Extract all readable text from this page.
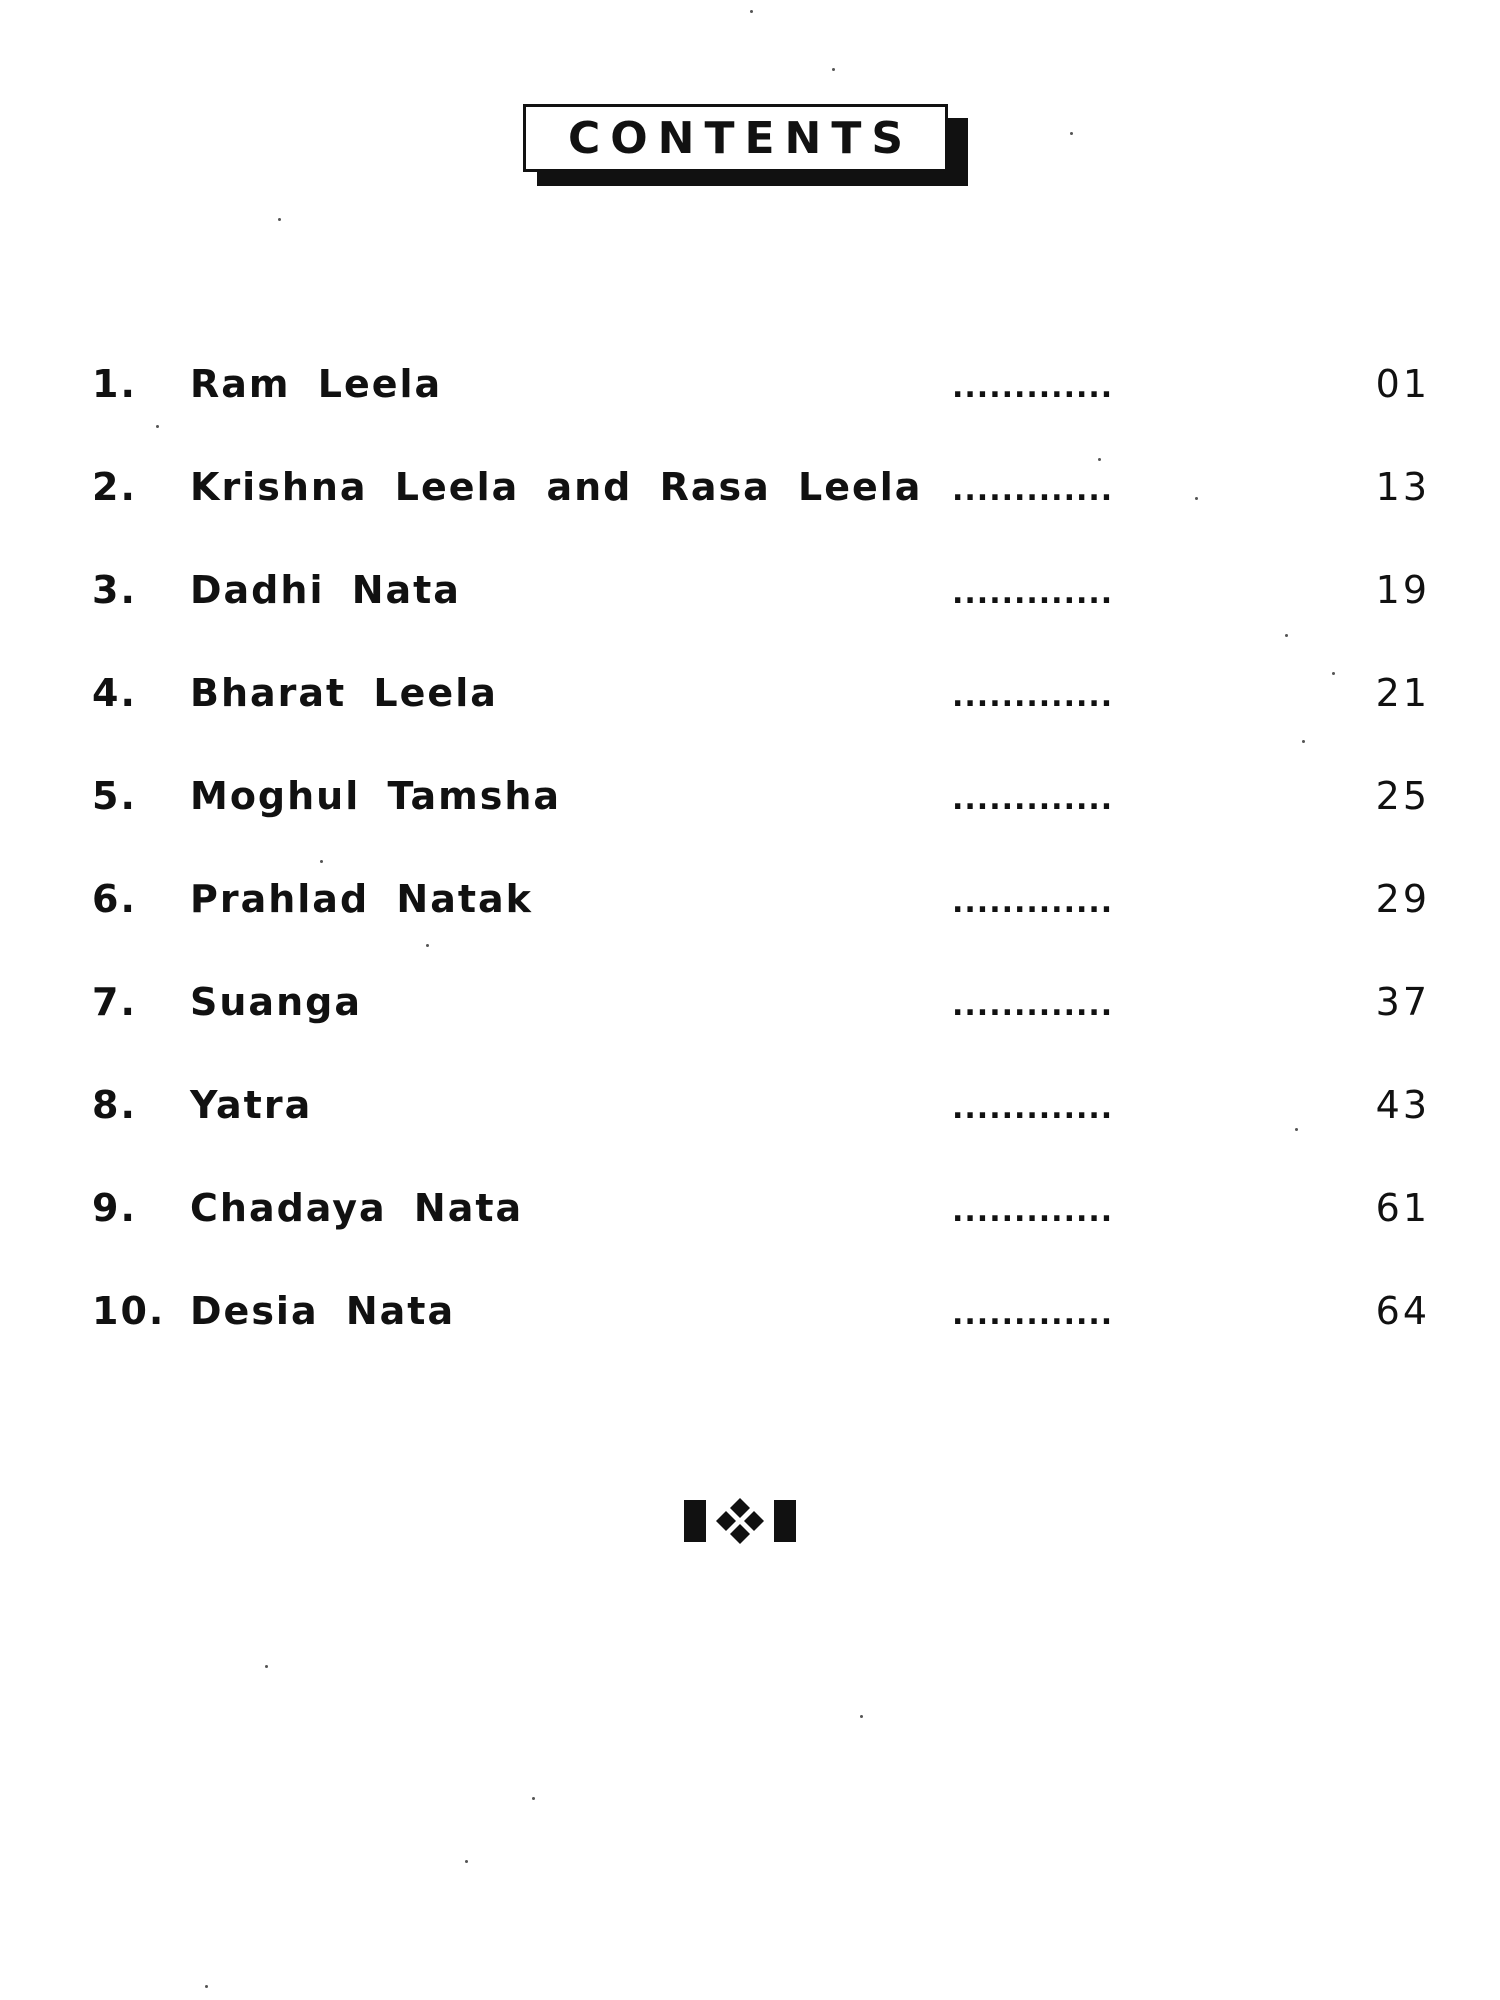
CONTENTS
1. Ram Leela	.............	01
2. Krishna Leela and Rasa Leela .............	13
3. Dadhi Nata	.............	19
4. Bharat Leela	.............	21
5. Moghul Tamsha	.............	25
6. Prahlad Natak	.............	29
7. Suanga	.............	37
8. Yatra	.............	43
9. Chadaya Nata	.............	61
10. Desia Nata	.............	64
